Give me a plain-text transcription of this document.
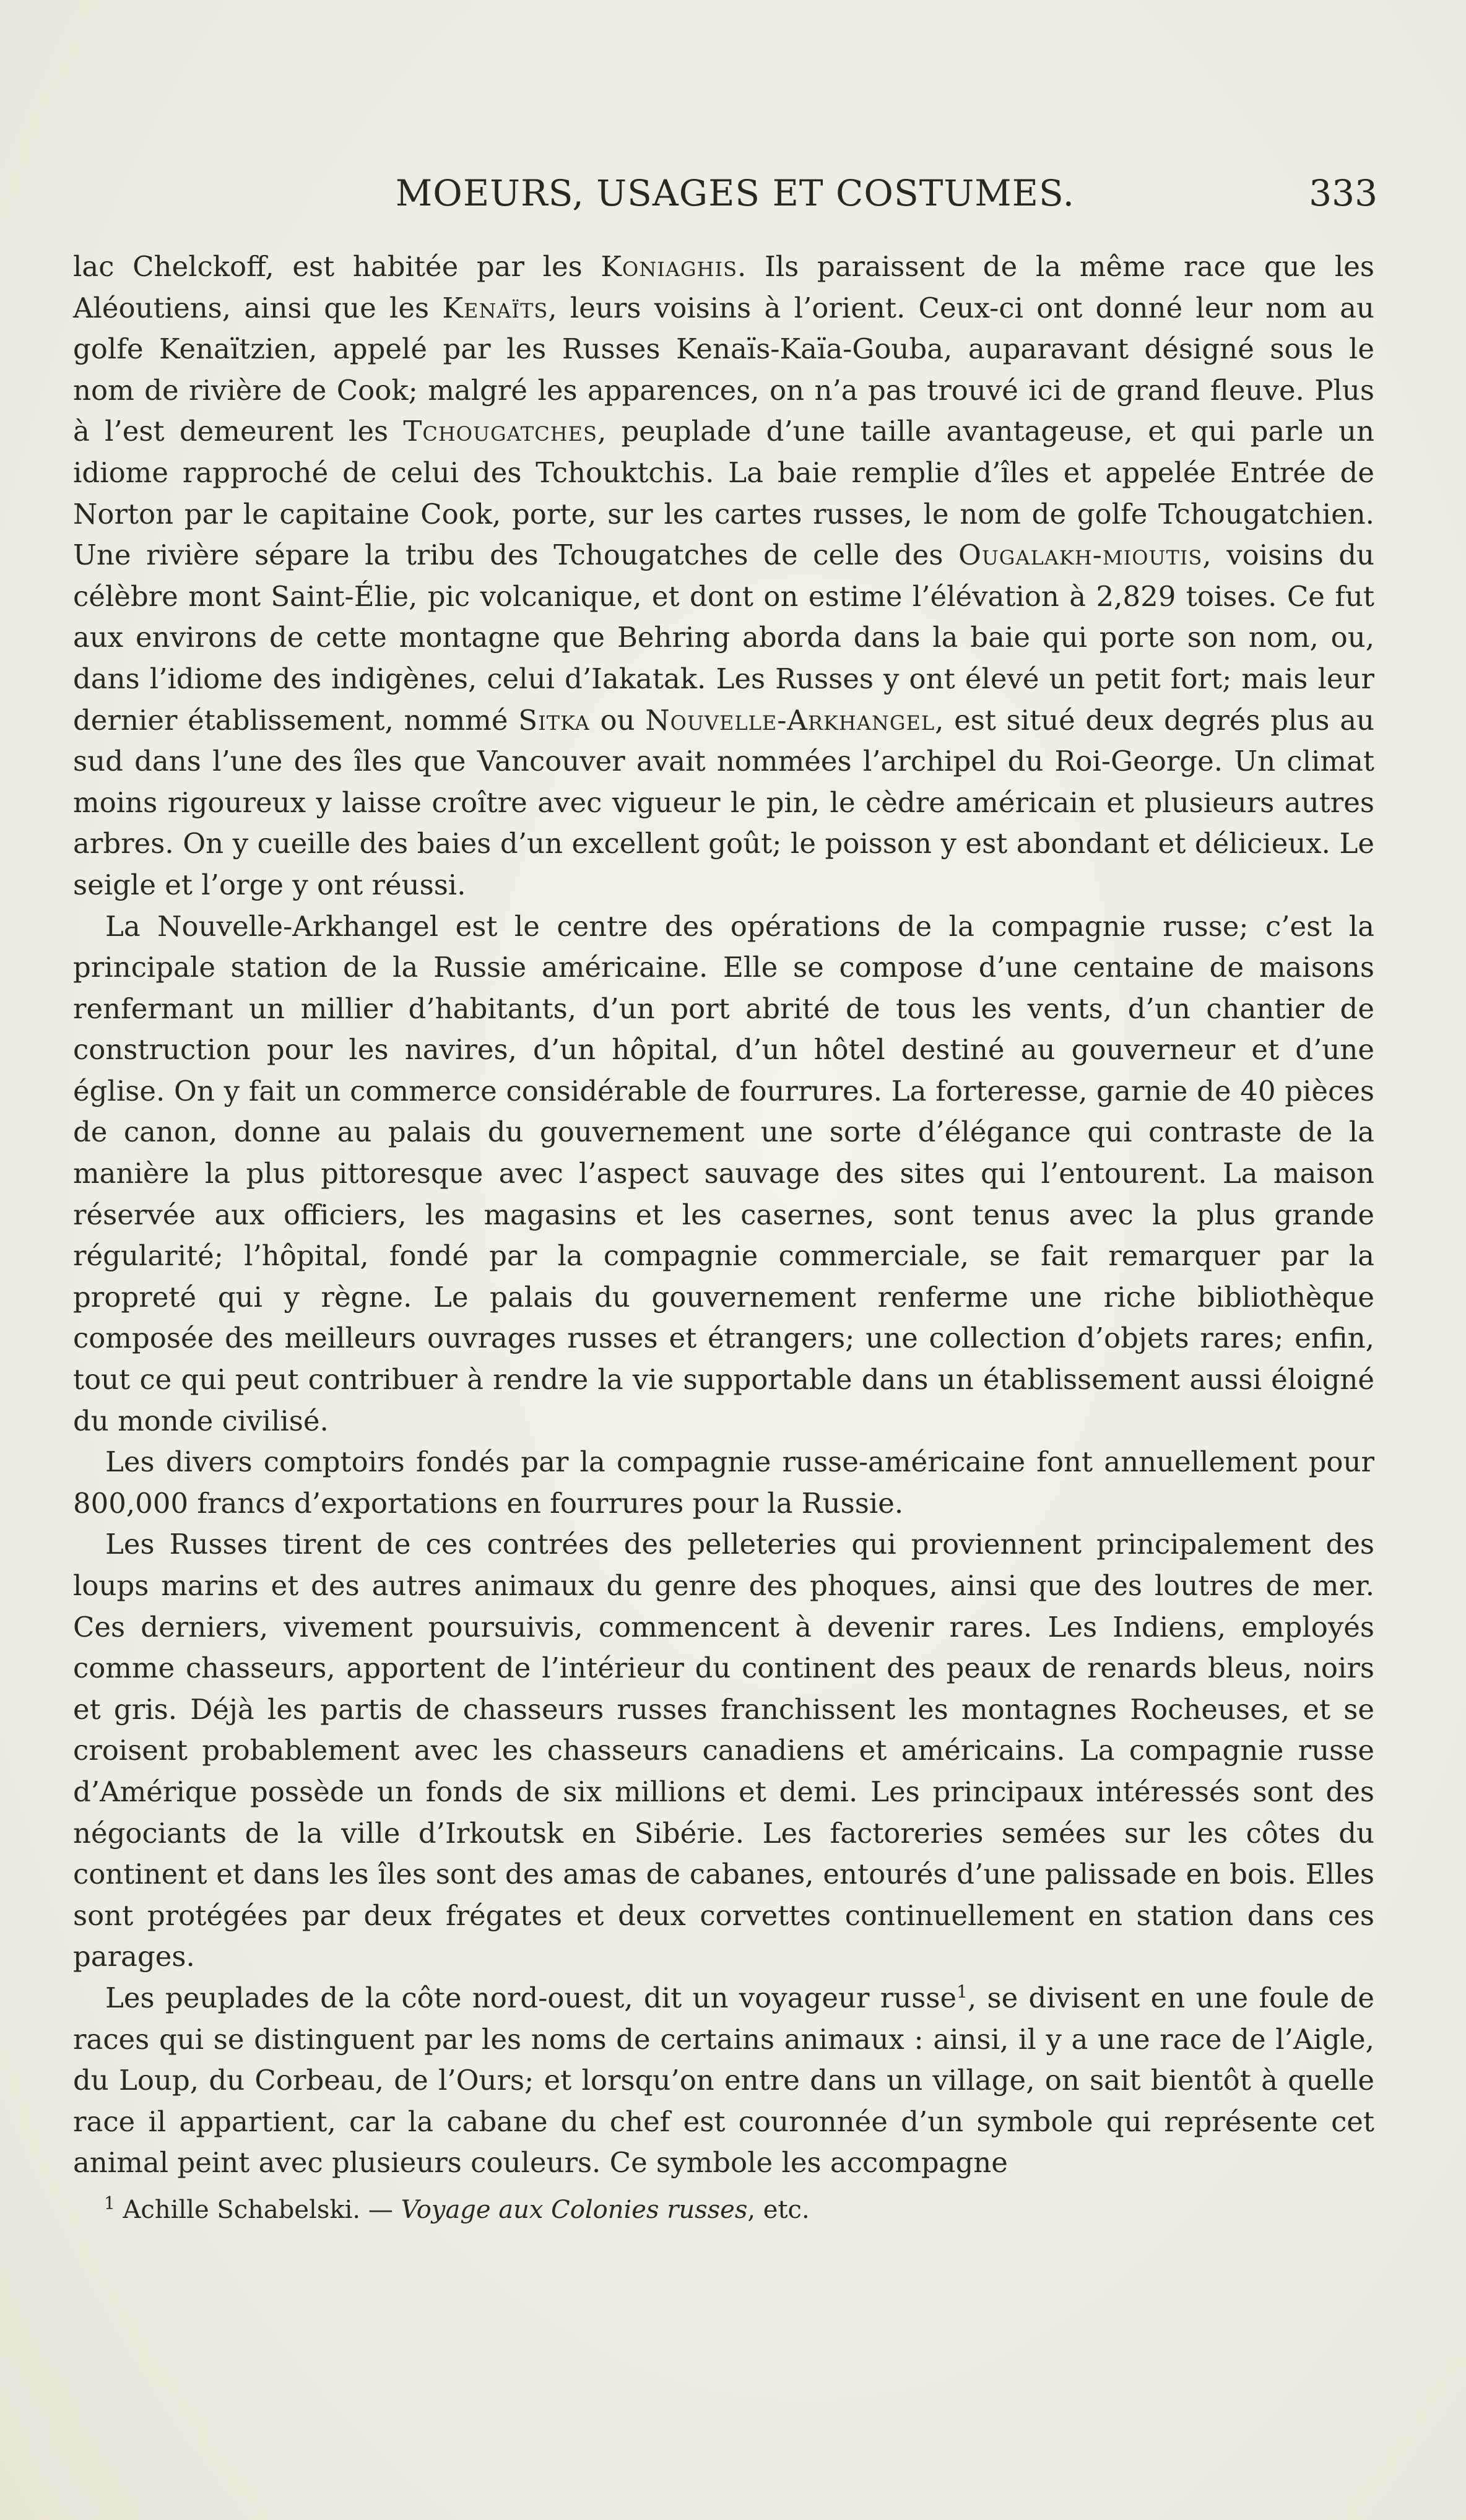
MOEURS, USAGES ET COSTUMES.	333

lac Chelckoff, est habitée par les Koniaghis. Ils paraissent de la même race que les Aléoutiens, ainsi que les Kenaïts, leurs voisins à l’orient. Ceux-ci ont donné leur nom au golfe Kenaïtzien, appelé par les Russes Kenaïs-Kaïa-Gouba, auparavant désigné sous le nom de rivière de Cook; malgré les apparences, on n’a pas trouvé ici de grand fleuve. Plus à l’est demeurent les Tchougatches, peuplade d’une taille avantageuse, et qui parle un idiome rapproché de celui des Tchouktchis. La baie remplie d’îles et appelée Entrée de Norton par le capitaine Cook, porte, sur les cartes russes, le nom de golfe Tchougatchien. Une rivière sépare la tribu des Tchougatches de celle des Ougalakh-mioutis, voisins du célèbre mont Saint-Élie, pic volcanique, et dont on estime l’élévation à 2,829 toises. Ce fut aux environs de cette montagne que Behring aborda dans la baie qui porte son nom, ou, dans l’idiome des indigènes, celui d’Iakatak. Les Russes y ont élevé un petit fort; mais leur dernier établissement, nommé Sitka ou Nouvelle-Arkhangel, est situé deux degrés plus au sud dans l’une des îles que Vancouver avait nommées l’archipel du Roi-George. Un climat moins rigoureux y laisse croître avec vigueur le pin, le cèdre américain et plusieurs autres arbres. On y cueille des baies d’un excellent goût; le poisson y est abondant et délicieux. Le seigle et l’orge y ont réussi.

La Nouvelle-Arkhangel est le centre des opérations de la compagnie russe; c’est la principale station de la Russie américaine. Elle se compose d’une centaine de maisons renfermant un millier d’habitants, d’un port abrité de tous les vents, d’un chantier de construction pour les navires, d’un hôpital, d’un hôtel destiné au gouverneur et d’une église. On y fait un commerce considérable de fourrures. La forteresse, garnie de 40 pièces de canon, donne au palais du gouvernement une sorte d’élégance qui contraste de la manière la plus pittoresque avec l’aspect sauvage des sites qui l’entourent. La maison réservée aux officiers, les magasins et les casernes, sont tenus avec la plus grande régularité; l’hôpital, fondé par la compagnie commerciale, se fait remarquer par la propreté qui y règne. Le palais du gouvernement renferme une riche bibliothèque composée des meilleurs ouvrages russes et étrangers; une collection d’objets rares; enfin, tout ce qui peut contribuer à rendre la vie supportable dans un établissement aussi éloigné du monde civilisé.

Les divers comptoirs fondés par la compagnie russe-américaine font annuellement pour 800,000 francs d’exportations en fourrures pour la Russie.

Les Russes tirent de ces contrées des pelleteries qui proviennent principalement des loups marins et des autres animaux du genre des phoques, ainsi que des loutres de mer. Ces derniers, vivement poursuivis, commencent à devenir rares. Les Indiens, employés comme chasseurs, apportent de l’intérieur du continent des peaux de renards bleus, noirs et gris. Déjà les partis de chasseurs russes franchissent les montagnes Rocheuses, et se croisent probablement avec les chasseurs canadiens et américains. La compagnie russe d’Amérique possède un fonds de six millions et demi. Les principaux intéressés sont des négociants de la ville d’Irkoutsk en Sibérie. Les factoreries semées sur les côtes du continent et dans les îles sont des amas de cabanes, entourés d’une palissade en bois. Elles sont protégées par deux frégates et deux corvettes continuellement en station dans ces parages.

Les peuplades de la côte nord-ouest, dit un voyageur russe$^1$, se divisent en une foule de races qui se distinguent par les noms de certains animaux : ainsi, il y a une race de l’Aigle, du Loup, du Corbeau, de l’Ours; et lorsqu’on entre dans un village, on sait bientôt à quelle race il appartient, car la cabane du chef est couronnée d’un symbole qui représente cet animal peint avec plusieurs couleurs. Ce symbole les accompagne

$^1$ Achille Schabelski. — Voyage aux Colonies russes, etc.
